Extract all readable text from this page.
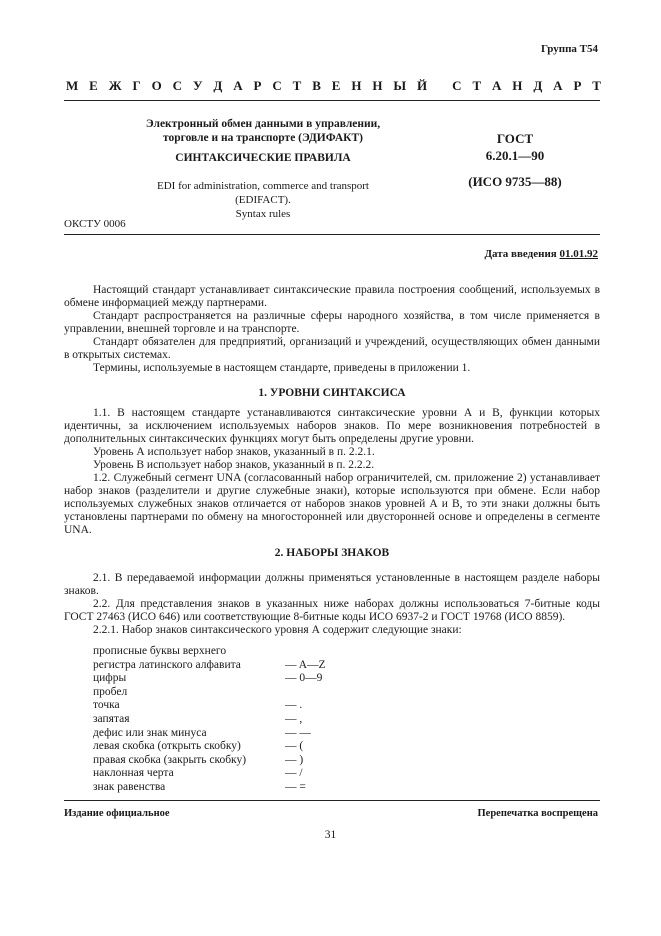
Группа Т54
М Е Ж Г О С У Д А Р С Т В Е Н Н Ы Й
С Т А Н Д А Р Т
Электронный обмен данными в управлении,
торговле и на транспорте (ЭДИФАКТ)
СИНТАКСИЧЕСКИЕ ПРАВИЛА
EDI for administration, commerce and transport (EDIFACT).
Syntax rules
ГОСТ
6.20.1—90
(ИСО 9735—88)
ОКСТУ 0006
Дата введения 01.01.92

Настоящий стандарт устанавливает синтаксические правила построения сообщений, используемых в обмене информацией между партнерами.

Стандарт распространяется на различные сферы народного хозяйства, в том числе применяется в управлении, внешней торговле и на транспорте.

Стандарт обязателен для предприятий, организаций и учреждений, осуществляющих обмен данными в открытых системах.

Термины, используемые в настоящем стандарте, приведены в приложении 1.

1. УРОВНИ СИНТАКСИСА

1.1. В настоящем стандарте устанавливаются синтаксические уровни А и В, функции которых идентичны, за исключением используемых наборов знаков. По мере возникновения потребностей в дополнительных синтаксических функциях могут быть определены другие уровни.

Уровень А использует набор знаков, указанный в п. 2.2.1.

Уровень В использует набор знаков, указанный в п. 2.2.2.

1.2. Служебный сегмент UNA (согласованный набор ограничителей, см. приложение 2) устанавливает набор знаков (разделители и другие служебные знаки), которые используются при обмене. Если набор используемых служебных знаков отличается от наборов знаков уровней А и В, то эти знаки должны быть установлены партнерами по обмену на многосторонней или двусторонней основе и определены в сегменте UNA.

2. НАБОРЫ ЗНАКОВ

2.1. В передаваемой информации должны применяться установленные в настоящем разделе наборы знаков.

2.2. Для представления знаков в указанных ниже наборах должны использоваться 7-битные коды ГОСТ 27463 (ИСО 646) или соответствующие 8-битные коды ИСО 6937-2 и ГОСТ 19768 (ИСО 8859).

2.2.1. Набор знаков синтаксического уровня А содержит следующие знаки:

прописные буквы верхнего
регистра латинского алфавита	— A—Z
цифры	— 0—9
пробел
точка	— .
запятая	— ,
дефис или знак минуса	— —
левая скобка (открыть скобку)	— (
правая скобка (закрыть скобку)	— )
наклонная черта	— /
знак равенства	— =
Издание официальное	Перепечатка воспрещена
31
